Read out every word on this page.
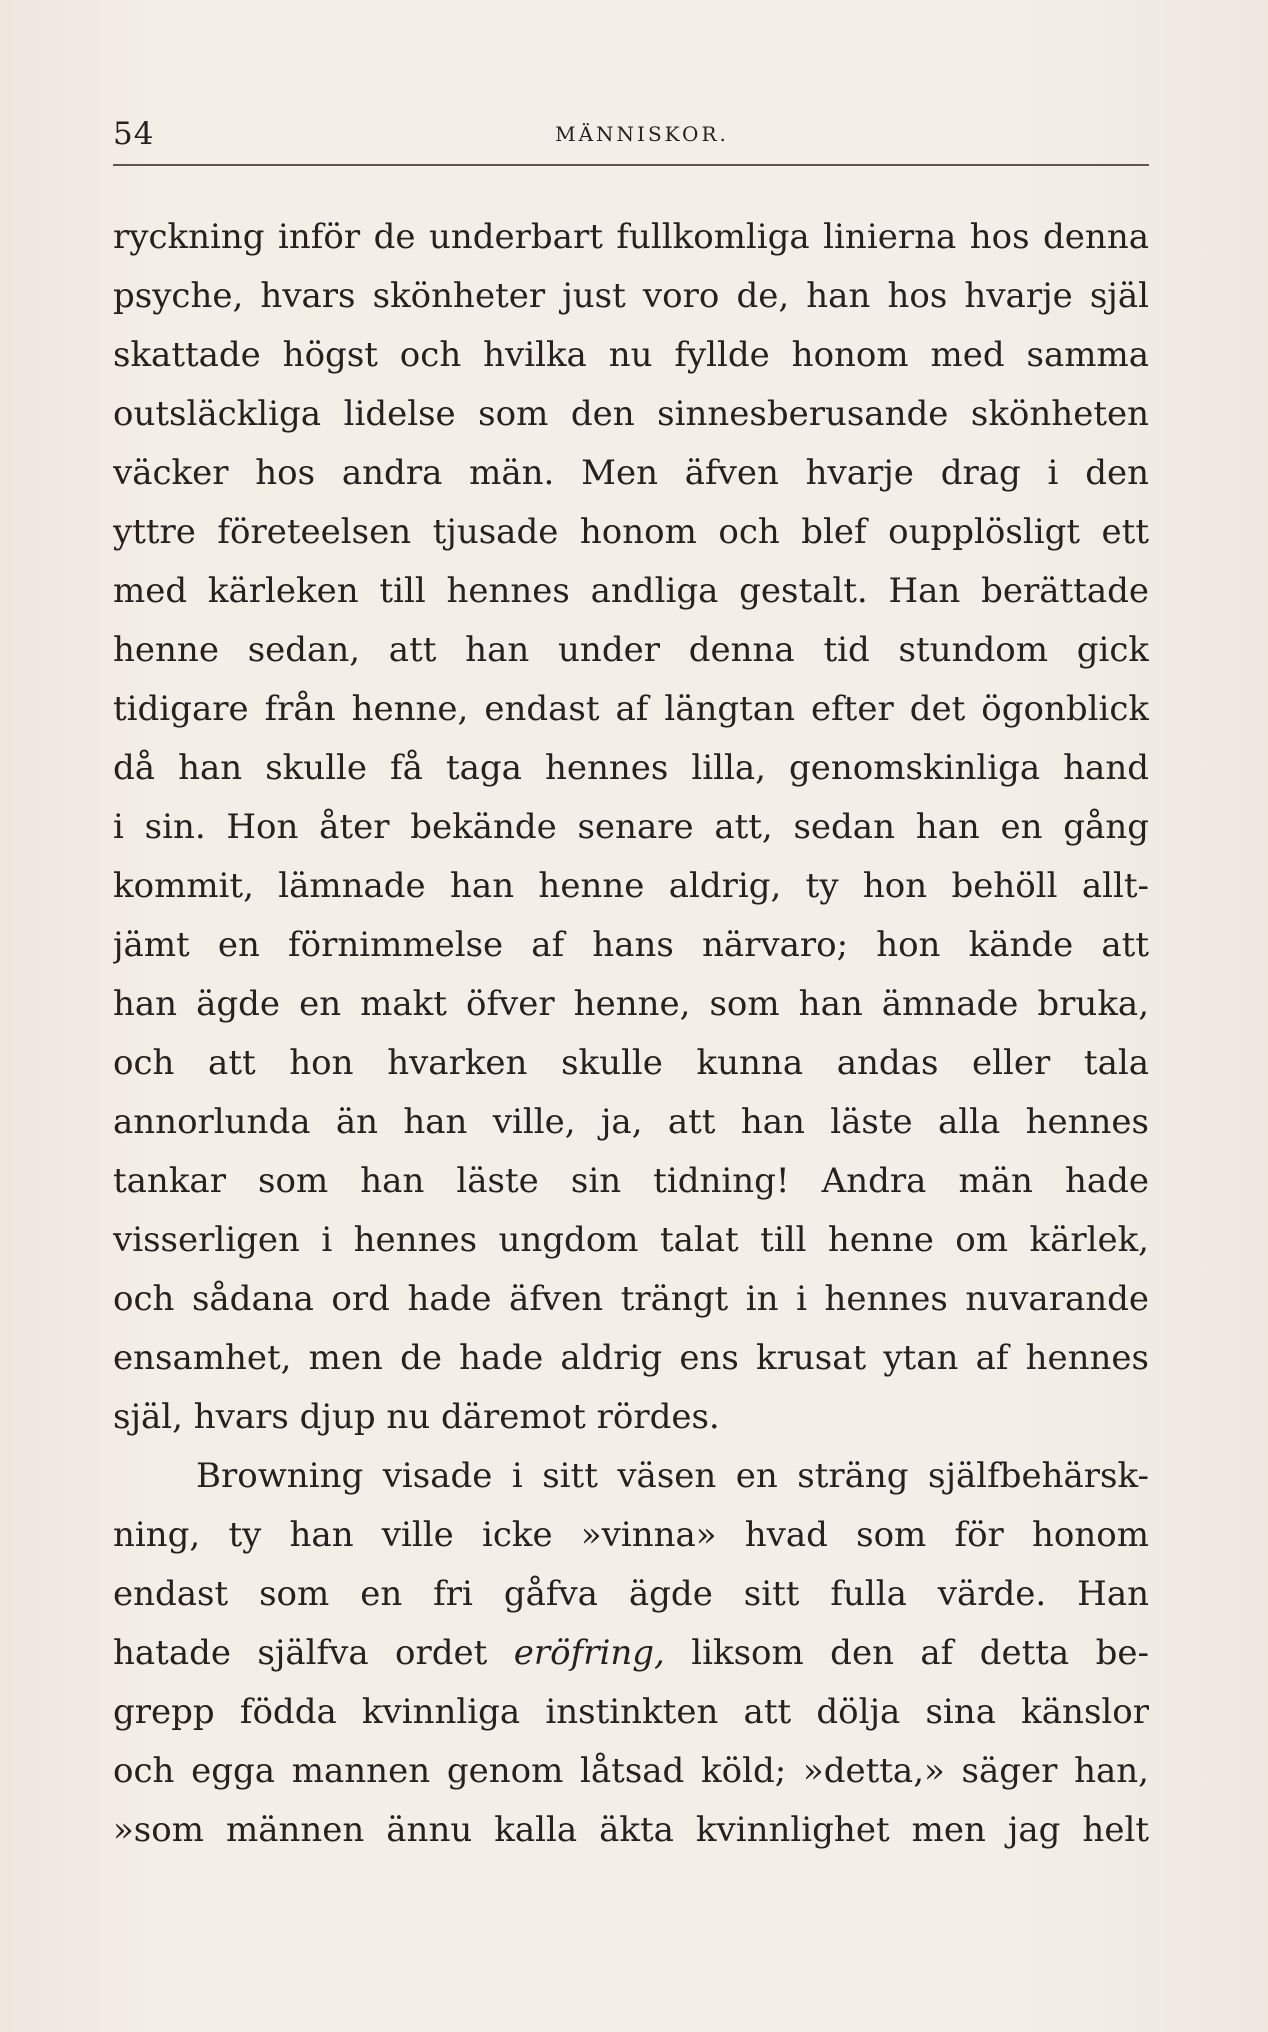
54	MÄNNISKOR.
ryckning inför de underbart fullkomliga linierna hos denna
psyche, hvars skönheter just voro de, han hos hvarje själ
skattade högst och hvilka nu fyllde honom med samma
outsläckliga lidelse som den sinnesberusande skönheten
väcker hos andra män. Men äfven hvarje drag i den
yttre företeelsen tjusade honom och blef oupplösligt ett
med kärleken till hennes andliga gestalt. Han berättade
henne sedan, att han under denna tid stundom gick
tidigare från henne, endast af längtan efter det ögonblick
då han skulle få taga hennes lilla, genomskinliga hand
i sin. Hon åter bekände senare att, sedan han en gång
kommit, lämnade han henne aldrig, ty hon behöll allt-
jämt en förnimmelse af hans närvaro; hon kände att
han ägde en makt öfver henne, som han ämnade bruka,
och att hon hvarken skulle kunna andas eller tala
annorlunda än han ville, ja, att han läste alla hennes
tankar som han läste sin tidning! Andra män hade
visserligen i hennes ungdom talat till henne om kärlek,
och sådana ord hade äfven trängt in i hennes nuvarande
ensamhet, men de hade aldrig ens krusat ytan af hennes
själ, hvars djup nu däremot rördes.
Browning visade i sitt väsen en sträng själfbehärsk-
ning, ty han ville icke »vinna» hvad som för honom
endast som en fri gåfva ägde sitt fulla värde. Han
hatade själfva ordet eröfring, liksom den af detta be-
grepp födda kvinnliga instinkten att dölja sina känslor
och egga mannen genom låtsad köld; »detta,» säger han,
»som männen ännu kalla äkta kvinnlighet men jag helt
